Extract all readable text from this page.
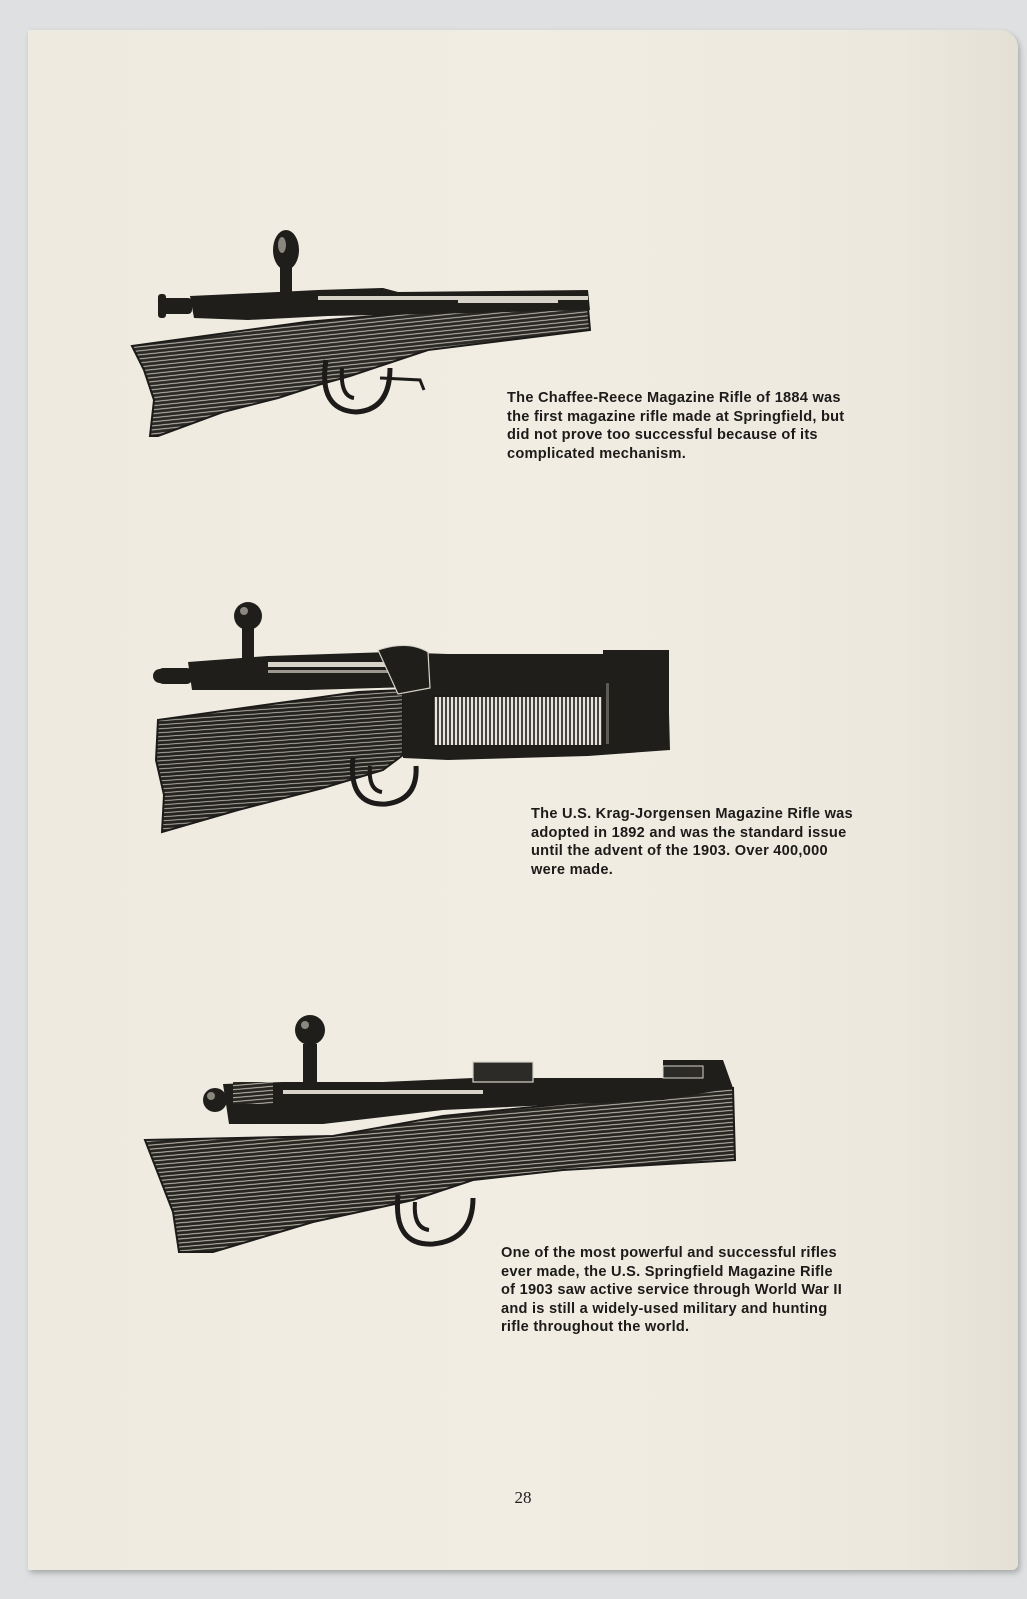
The Chaffee-Reece Magazine Rifle of 1884 was
the first magazine rifle made at Springfield, but
did not prove too successful because of its
complicated mechanism.

The U.S. Krag-Jorgensen Magazine Rifle was
adopted in 1892 and was the standard issue
until the advent of the 1903. Over 400,000
were made.

One of the most powerful and successful rifles
ever made, the U.S. Springfield Magazine Rifle
of 1903 saw active service through World War II
and is still a widely-used military and hunting
rifle throughout the world.

28
